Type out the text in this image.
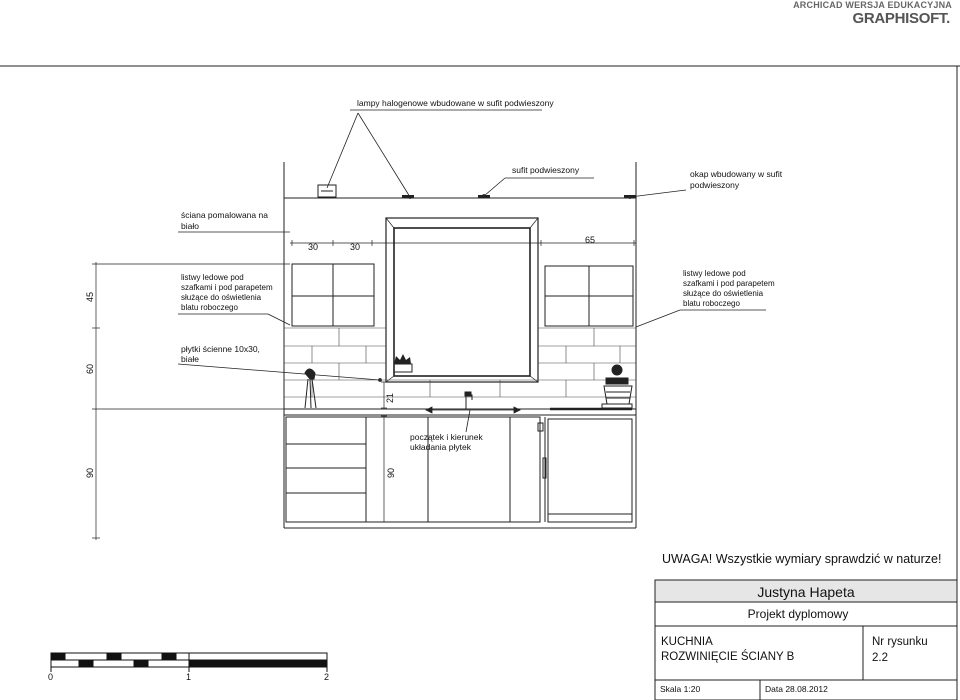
ARCHICAD WERSJA EDUKACYJNA
GRAPHISOFT.
lampy halogenowe wbudowane w sufit podwieszony
sufit podwieszony	okap wbudowany w sufit
podwieszony
ściana pomalowana na
biało
listwy ledowe pod
szafkami i pod parapetem
służące do oświetlenia
blatu roboczego
listwy ledowe pod
szafkami i pod parapetem
służące do oświetlenia
blatu roboczego
płytki ścienne 10x30,
białe
30	30
65
21
początek i kierunek
układania płytek
90
45
60
90
0	1	2
UWAGA! Wszystkie wymiary sprawdzić w naturze!
Justyna Hapeta
Projekt dyplomowy
KUCHNIA
ROZWINIĘCIE ŚCIANY B
Nr rysunku
2.2
Skala 1:20	Data 28.08.2012
